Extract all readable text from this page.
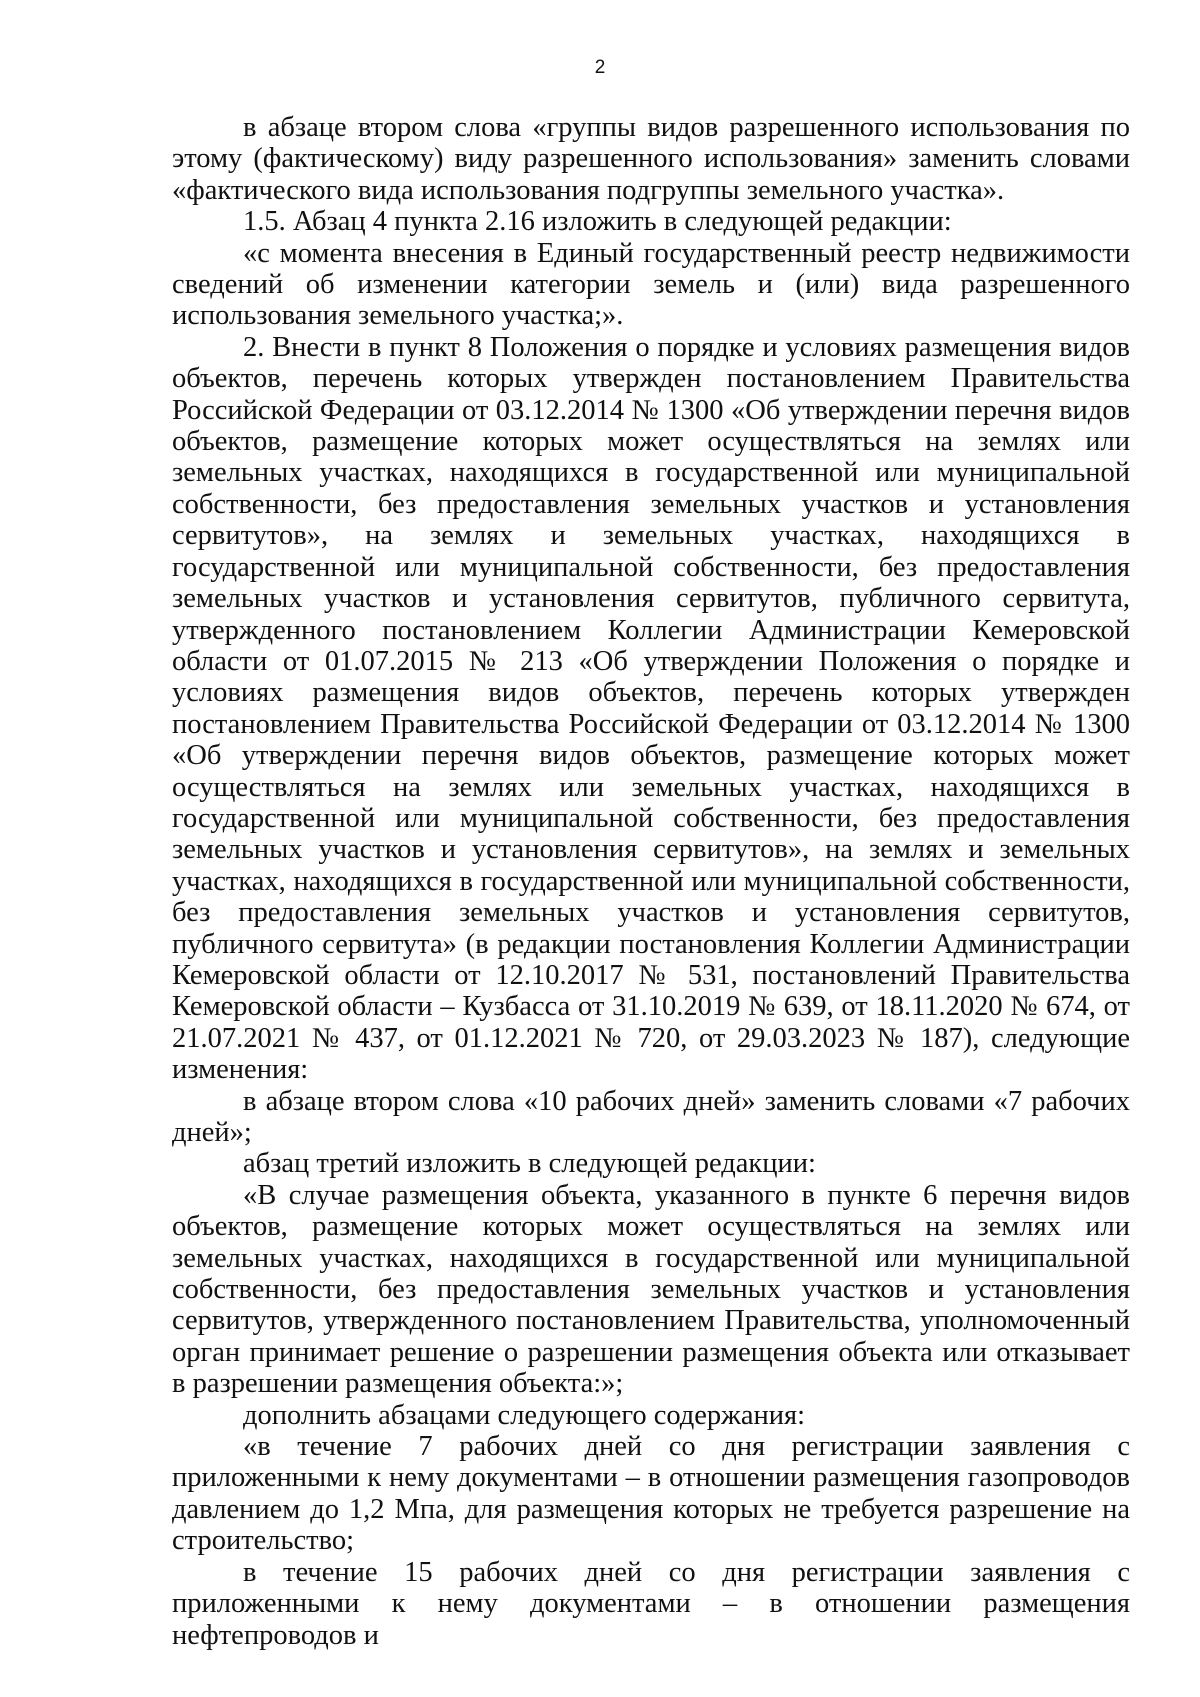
2

в абзаце втором слова «группы видов разрешенного использования по этому (фактическому) виду разрешенного использования» заменить словами «фактического вида использования подгруппы земельного участка».

1.5. Абзац 4 пункта 2.16 изложить в следующей редакции:

«с момента внесения в Единый государственный реестр недвижимости сведений об изменении категории земель и (или) вида разрешенного использования земельного участка;».

2. Внести в пункт 8 Положения о порядке и условиях размещения видов объектов, перечень которых утвержден постановлением Правительства Российской Федерации от 03.12.2014 № 1300 «Об утверждении перечня видов объектов, размещение которых может осуществляться на землях или земельных участках, находящихся в государственной или муниципальной собственности, без предоставления земельных участков и установления сервитутов», на землях и земельных участках, находящихся в государственной или муниципальной собственности, без предоставления земельных участков и установления сервитутов, публичного сервитута, утвержденного постановлением Коллегии Администрации Кемеровской области от 01.07.2015 № 213 «Об утверждении Положения о порядке и условиях размещения видов объектов, перечень которых утвержден постановлением Правительства Российской Федерации от 03.12.2014 № 1300 «Об утверждении перечня видов объектов, размещение которых может осуществляться на землях или земельных участках, находящихся в государственной или муниципальной собственности, без предоставления земельных участков и установления сервитутов», на землях и земельных участках, находящихся в государственной или муниципальной собственности, без предоставления земельных участков и установления сервитутов, публичного сервитута» (в редакции постановления Коллегии Администрации Кемеровской области от 12.10.2017 № 531, постановлений Правительства Кемеровской области – Кузбасса от 31.10.2019 № 639, от 18.11.2020 № 674, от 21.07.2021 № 437, от 01.12.2021 № 720, от 29.03.2023 № 187), следующие изменения:

в абзаце втором слова «10 рабочих дней» заменить словами «7 рабочих дней»;

абзац третий изложить в следующей редакции:

«В случае размещения объекта, указанного в пункте 6 перечня видов объектов, размещение которых может осуществляться на землях или земельных участках, находящихся в государственной или муниципальной собственности, без предоставления земельных участков и установления сервитутов, утвержденного постановлением Правительства, уполномоченный орган принимает решение о разрешении размещения объекта или отказывает в разрешении размещения объекта:»;

дополнить абзацами следующего содержания:

«в течение 7 рабочих дней со дня регистрации заявления с приложенными к нему документами – в отношении размещения газопроводов давлением до 1,2 Мпа, для размещения которых не требуется разрешение на строительство;

в течение 15 рабочих дней со дня регистрации заявления с приложенными к нему документами – в отношении размещения нефтепроводов и
